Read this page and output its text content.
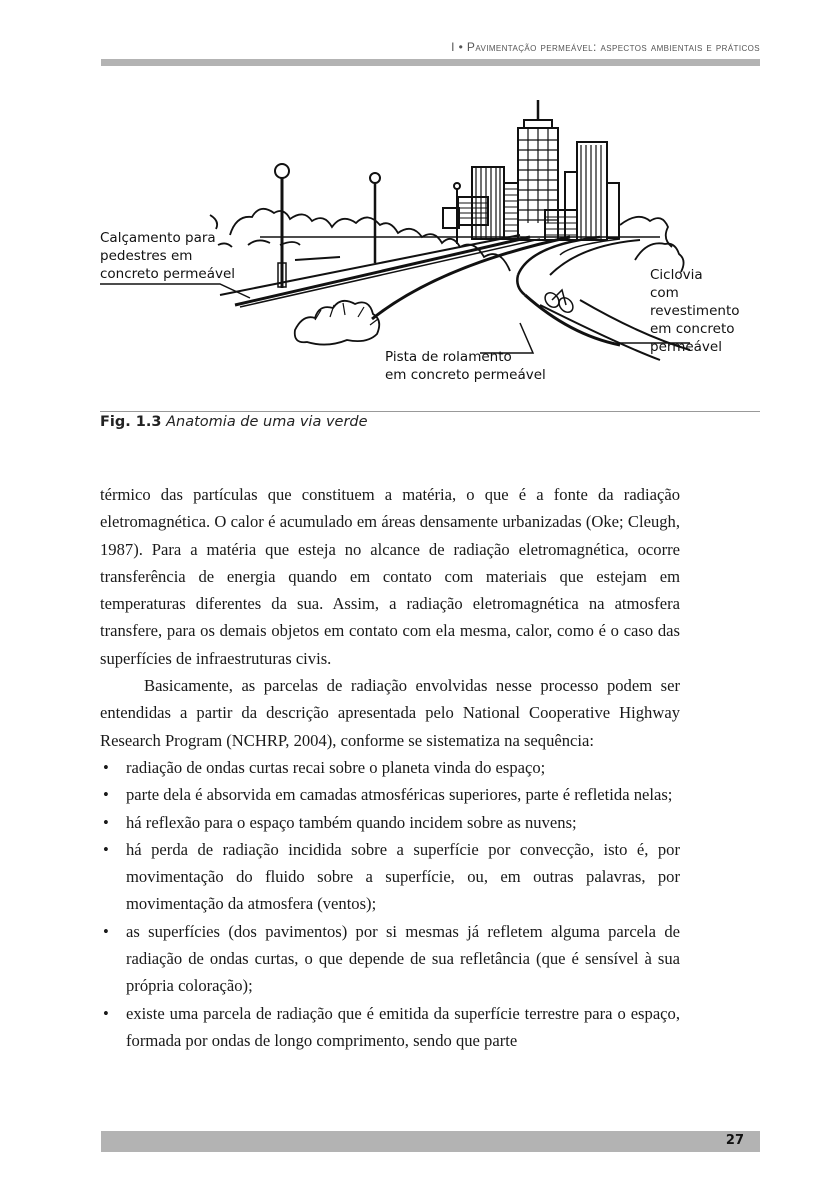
I • Pavimentação permeável: aspectos ambientais e práticos
Calçamento para
pedestres em
concreto permeável	Ciclovia
com revestimento
em concreto
permeável
Pista de rolamento
em concreto permeável
Fig. 1.3 Anatomia de uma via verde

térmico das partículas que constituem a matéria, o que é a fonte da radiação eletromagnética. O calor é acumulado em áreas densamente urbanizadas (Oke; Cleugh, 1987). Para a matéria que esteja no alcance de radiação eletromagnética, ocorre transferência de energia quando em contato com materiais que estejam em temperaturas diferentes da sua. Assim, a radiação eletromagnética na atmosfera transfere, para os demais objetos em contato com ela mesma, calor, como é o caso das superfícies de infraestruturas civis.

Basicamente, as parcelas de radiação envolvidas nesse processo podem ser entendidas a partir da descrição apresentada pelo National Cooperative Highway Research Program (NCHRP, 2004), conforme se sistematiza na sequência:

• radiação de ondas curtas recai sobre o planeta vinda do espaço;
• parte dela é absorvida em camadas atmosféricas superiores, parte é refletida nelas;
• há reflexão para o espaço também quando incidem sobre as nuvens;
• há perda de radiação incidida sobre a superfície por convecção, isto é, por movimentação do fluido sobre a superfície, ou, em outras palavras, por movimentação da atmosfera (ventos);
• as superfícies (dos pavimentos) por si mesmas já refletem alguma parcela de radiação de ondas curtas, o que depende de sua refletância (que é sensível à sua própria coloração);
• existe uma parcela de radiação que é emitida da superfície terrestre para o espaço, formada por ondas de longo comprimento, sendo que parte
27
